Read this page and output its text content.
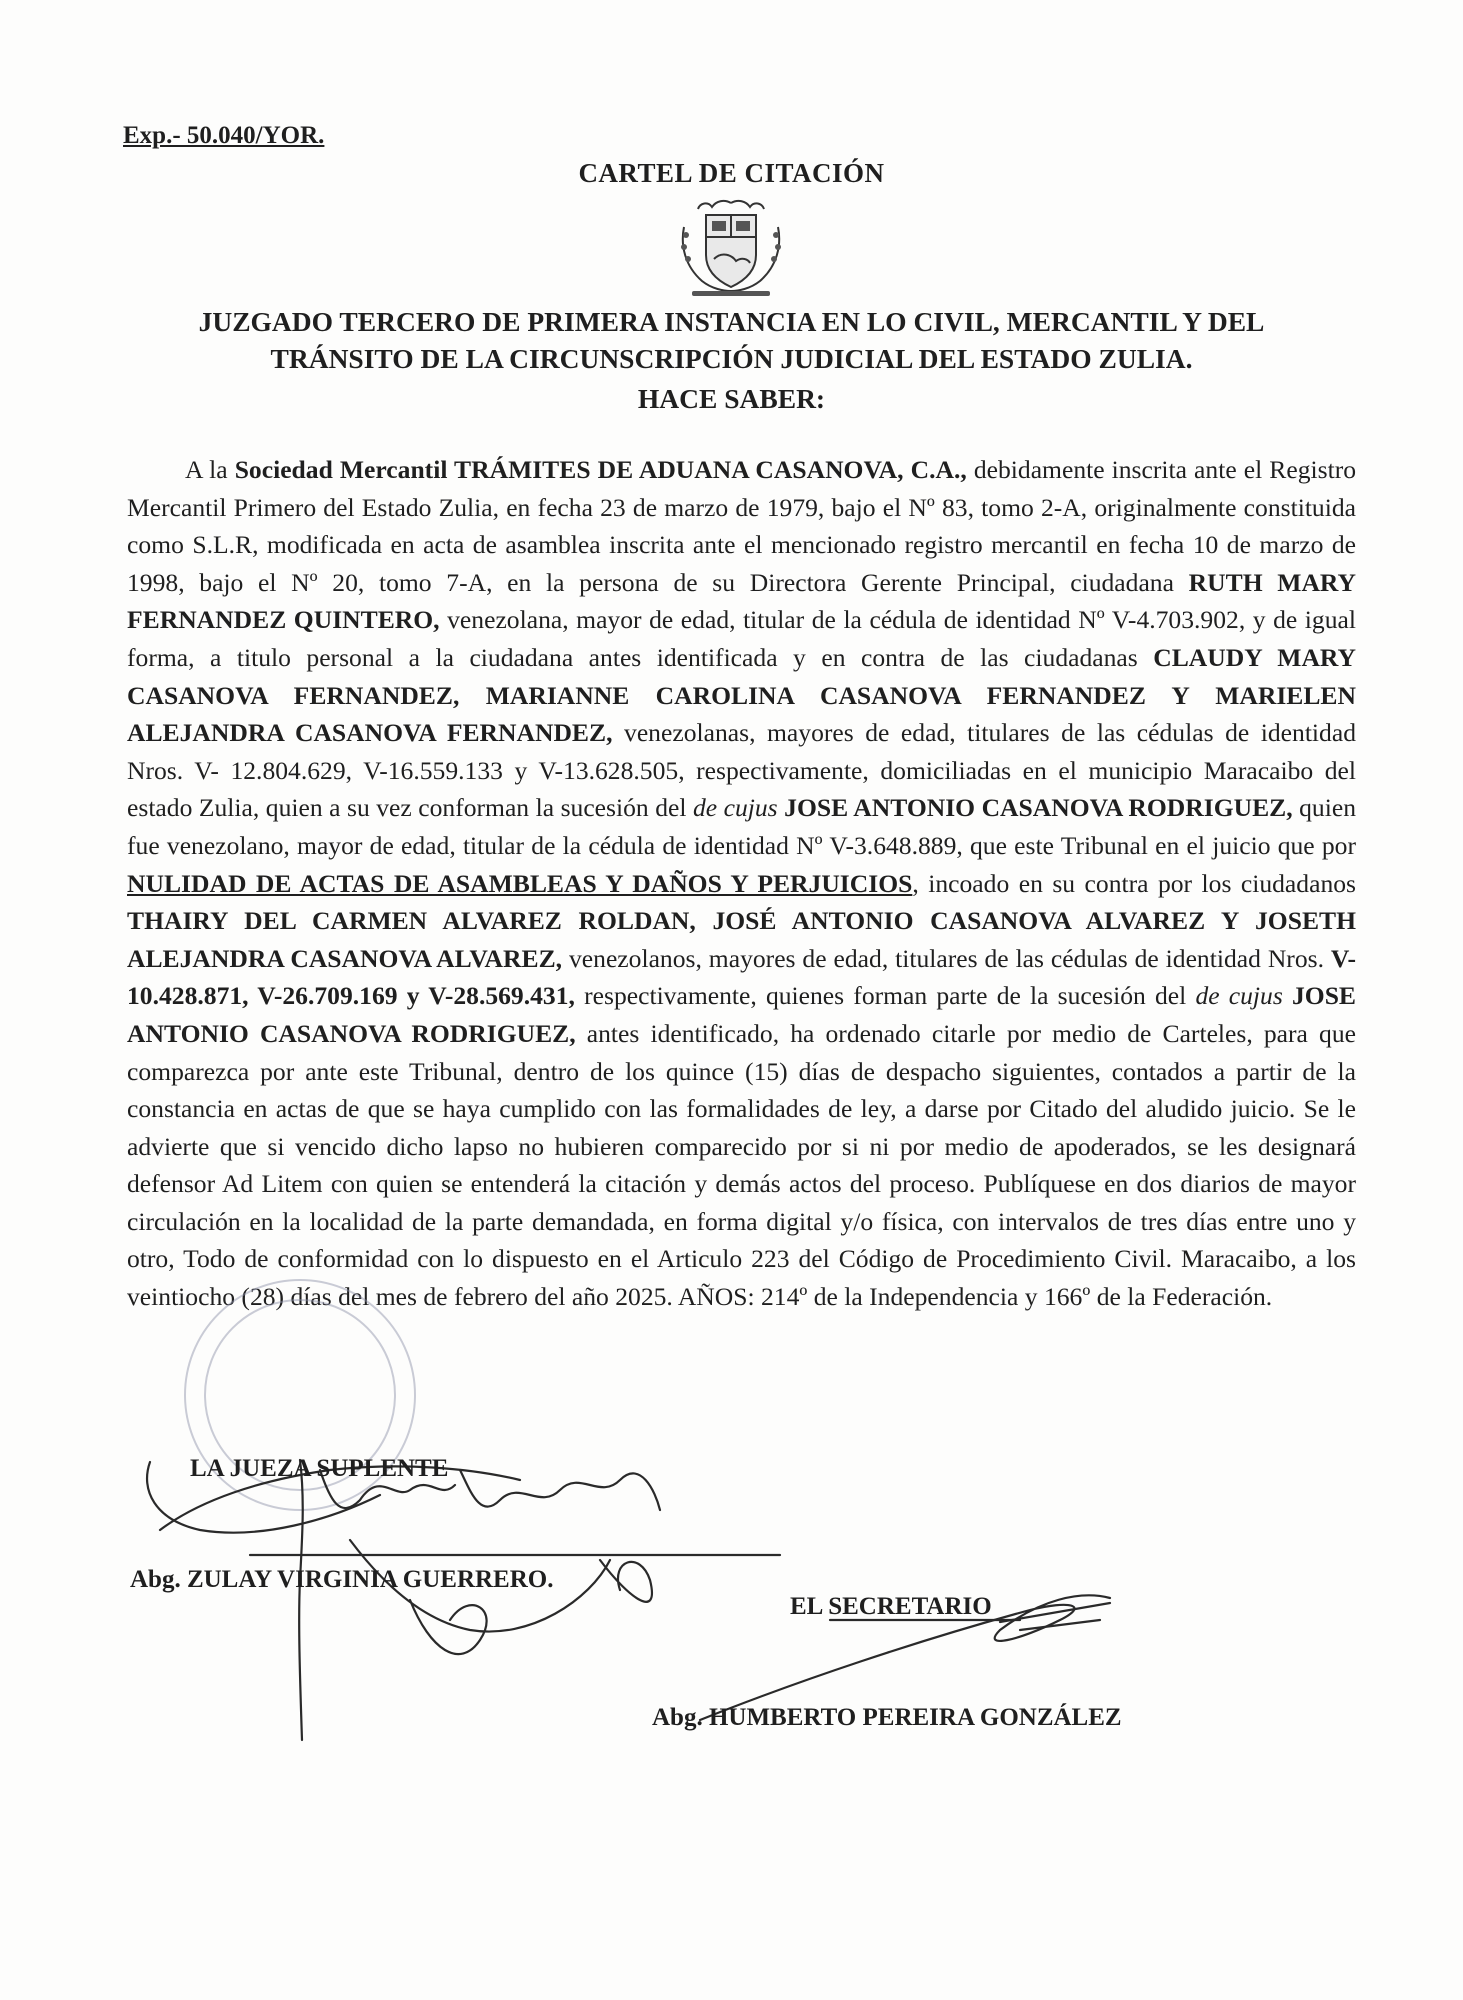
Exp.- 50.040/YOR.
CARTEL DE CITACIÓN
JUZGADO TERCERO DE PRIMERA INSTANCIA EN LO CIVIL, MERCANTIL Y DEL
TRÁNSITO DE LA CIRCUNSCRIPCIÓN JUDICIAL DEL ESTADO ZULIA.
HACE SABER:

A la Sociedad Mercantil TRÁMITES DE ADUANA CASANOVA, C.A., debidamente inscrita ante el Registro Mercantil Primero del Estado Zulia, en fecha 23 de marzo de 1979, bajo el Nº 83, tomo 2-A, originalmente constituida como S.L.R, modificada en acta de asamblea inscrita ante el mencionado registro mercantil en fecha 10 de marzo de 1998, bajo el Nº 20, tomo 7-A, en la persona de su Directora Gerente Principal, ciudadana RUTH MARY FERNANDEZ QUINTERO, venezolana, mayor de edad, titular de la cédula de identidad Nº V-4.703.902, y de igual forma, a titulo personal a la ciudadana antes identificada y en contra de las ciudadanas CLAUDY MARY CASANOVA FERNANDEZ, MARIANNE CAROLINA CASANOVA FERNANDEZ Y MARIELEN ALEJANDRA CASANOVA FERNANDEZ, venezolanas, mayores de edad, titulares de las cédulas de identidad Nros. V- 12.804.629, V-16.559.133 y V-13.628.505, respectivamente, domiciliadas en el municipio Maracaibo del estado Zulia, quien a su vez conforman la sucesión del de cujus JOSE ANTONIO CASANOVA RODRIGUEZ, quien fue venezolano, mayor de edad, titular de la cédula de identidad Nº V-3.648.889, que este Tribunal en el juicio que por NULIDAD DE ACTAS DE ASAMBLEAS Y DAÑOS Y PERJUICIOS, incoado en su contra por los ciudadanos THAIRY DEL CARMEN ALVAREZ ROLDAN, JOSÉ ANTONIO CASANOVA ALVAREZ Y JOSETH ALEJANDRA CASANOVA ALVAREZ, venezolanos, mayores de edad, titulares de las cédulas de identidad Nros. V-10.428.871, V-26.709.169 y V-28.569.431, respectivamente, quienes forman parte de la sucesión del de cujus JOSE ANTONIO CASANOVA RODRIGUEZ, antes identificado, ha ordenado citarle por medio de Carteles, para que comparezca por ante este Tribunal, dentro de los quince (15) días de despacho siguientes, contados a partir de la constancia en actas de que se haya cumplido con las formalidades de ley, a darse por Citado del aludido juicio. Se le advierte que si vencido dicho lapso no hubieren comparecido por si ni por medio de apoderados, se les designará defensor Ad Litem con quien se entenderá la citación y demás actos del proceso. Publíquese en dos diarios de mayor circulación en la localidad de la parte demandada, en forma digital y/o física, con intervalos de tres días entre uno y otro, Todo de conformidad con lo dispuesto en el Articulo 223 del Código de Procedimiento Civil. Maracaibo, a los veintiocho (28) días del mes de febrero del año 2025. AÑOS: 214º de la Independencia y 166º de la Federación.

LA JUEZA SUPLENTE
Abg. ZULAY VIRGINIA GUERRERO.
EL SECRETARIO
Abg. HUMBERTO PEREIRA GONZÁLEZ
